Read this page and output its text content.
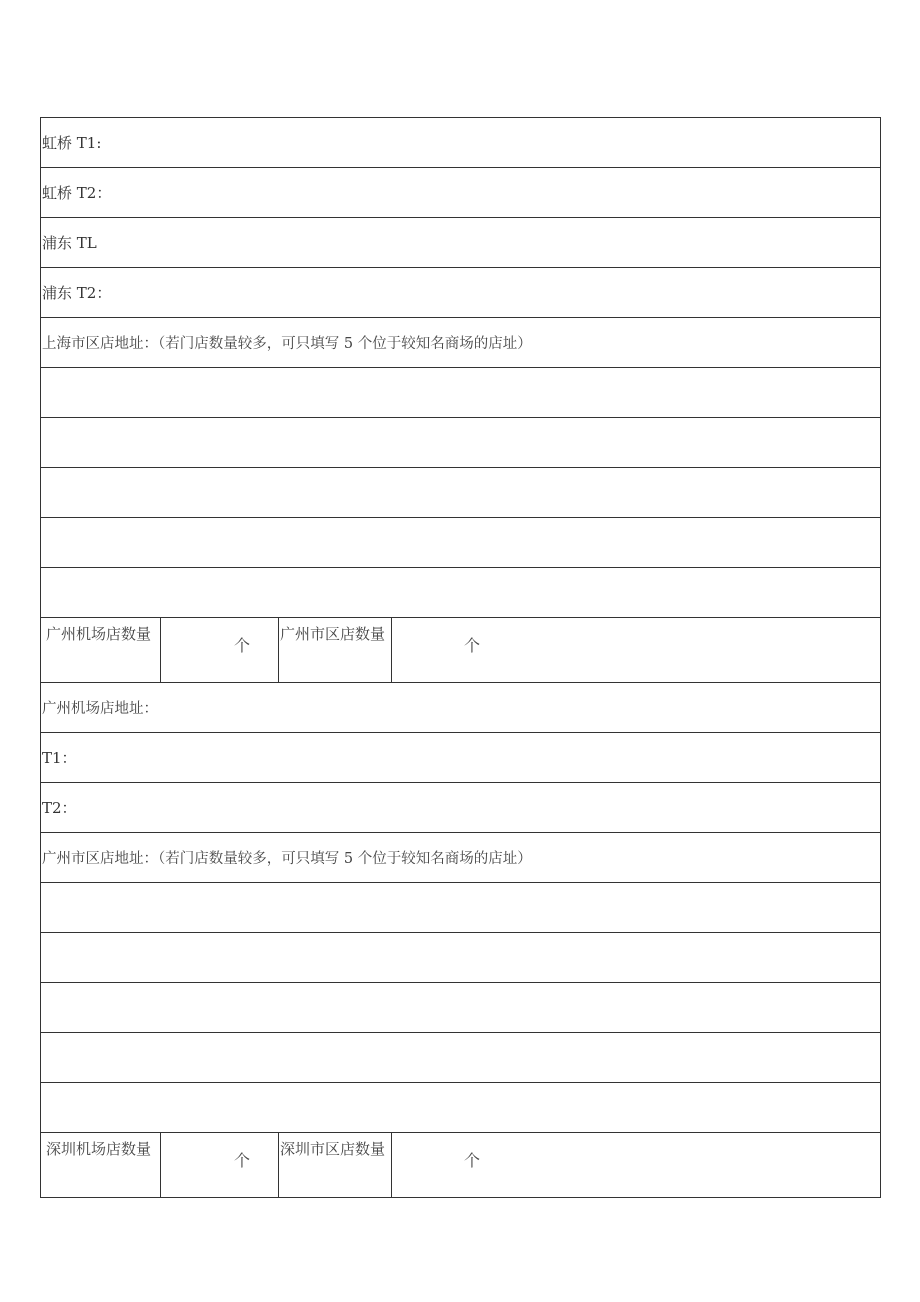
虹桥 T1:			
虹桥 T2：			
浦东 TL			
浦东 T2：			
上海市区店地址：（若门店数量较多，可只填写 5 个位于较知名商场的店址）			

广州机场店数量	个	广州市区店数量	个
广州机场店地址：			
T1：			
T2：			
广州市区店地址：（若门店数量较多，可只填写 5 个位于较知名商场的店址）			

深圳机场店数量	个	深圳市区店数量	个
